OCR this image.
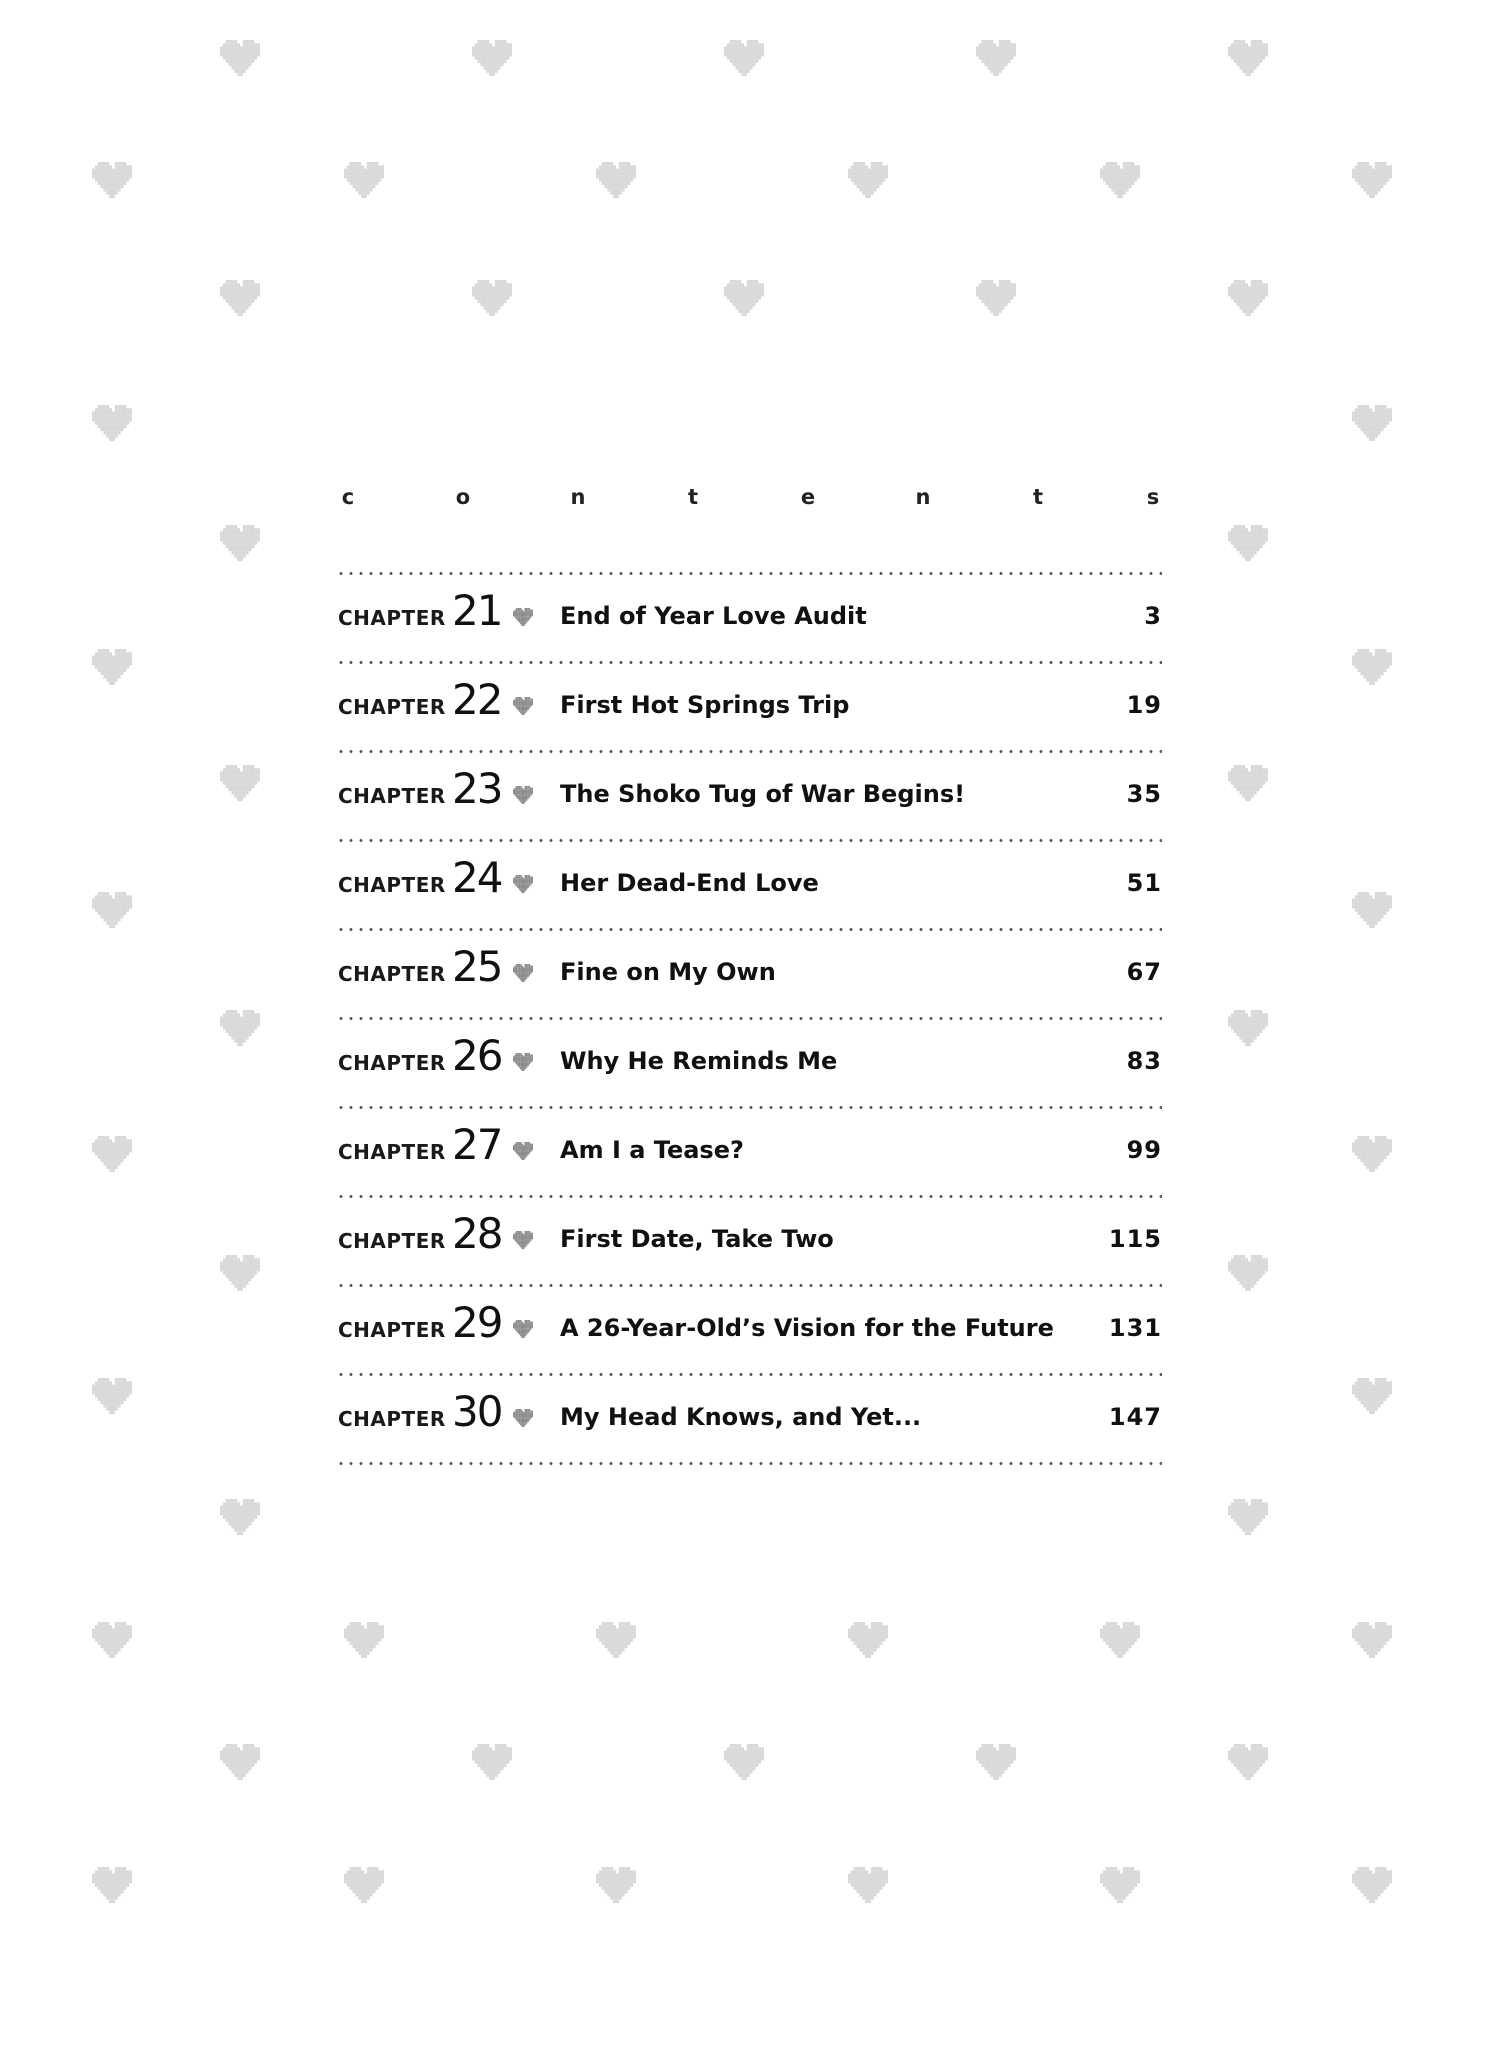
c	o	n	t	e	n	t	s
CHAPTER 21 End of Year Love Audit	3
CHAPTER 22 First Hot Springs Trip	19
CHAPTER 23 The Shoko Tug of War Begins!	35
CHAPTER 24 Her Dead-End Love	51
CHAPTER 25 Fine on My Own	67
CHAPTER 26 Why He Reminds Me	83
CHAPTER 27 Am I a Tease?	99
CHAPTER 28 First Date, Take Two	115
CHAPTER 29 A 26-Year-Old’s Vision for the Future 131
CHAPTER 30 My Head Knows, and Yet...	147
